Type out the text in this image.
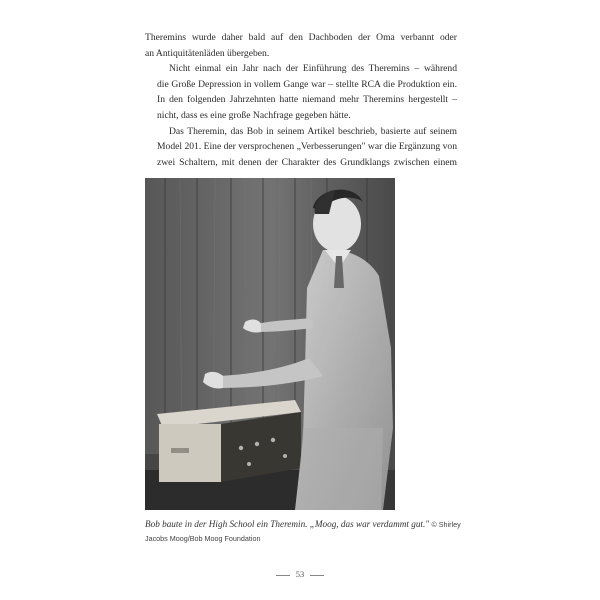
Theremins wurde daher bald auf den Dachboden der Oma verbannt oder
an Antiquitätenläden übergeben.

Nicht einmal ein Jahr nach der Einführung des Theremins – während
die Große Depression in vollem Gange war – stellte RCA die Produktion ein.
In den folgenden Jahrzehnten hatte niemand mehr Theremins hergestellt –
nicht, dass es eine große Nachfrage gegeben hätte.

Das Theremin, das Bob in seinem Artikel beschrieb, basierte auf seinem
Model 201. Eine der versprochenen „Verbesserungen" war die Ergänzung von
zwei Schaltern, mit denen der Charakter des Grundklangs zwischen einem

Bob baute in der High School ein Theremin. „Moog, das war verdammt gut." © Shirley Jacobs Moog/Bob Moog Foundation
53
